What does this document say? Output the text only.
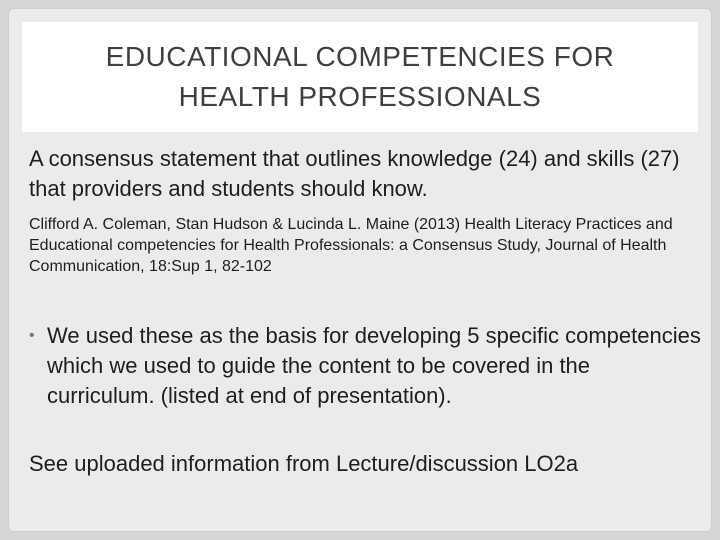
EDUCATIONAL COMPETENCIES FOR
HEALTH PROFESSIONALS

A consensus statement that outlines knowledge (24) and skills (27) that providers and students should know.

Clifford A. Coleman, Stan Hudson & Lucinda L. Maine (2013) Health Literacy Practices and Educational competencies for Health Professionals: a Consensus Study, Journal of Health Communication, 18:Sup 1, 82-102

• We used these as the basis for developing 5 specific competencies which we used to guide the content to be covered in the curriculum. (listed at end of presentation).

See uploaded information from Lecture/discussion LO2a
